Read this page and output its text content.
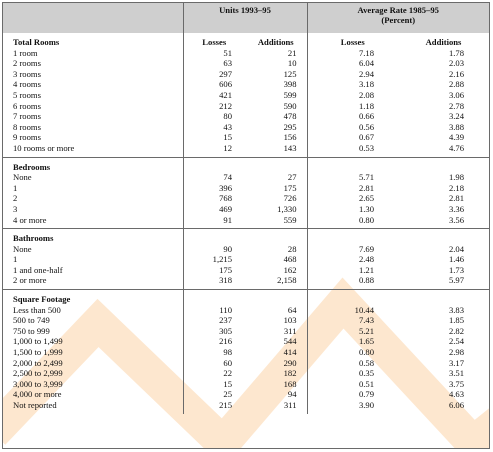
	Units 1993–95		Average Rate 1985–95
(Percent)	
Total Rooms	Losses	Additions	Losses	Additions
1 room	51	21	7.18	1.78
2 rooms	63	10	6.04	2.03
3 rooms	297	125	2.94	2.16
4 rooms	606	398	3.18	2.88
5 rooms	421	599	2.08	3.06
6 rooms	212	590	1.18	2.78
7 rooms	80	478	0.66	3.24
8 rooms	43	295	0.56	3.88
9 rooms	15	156	0.67	4.39
10 rooms or more	12	143	0.53	4.76
Bedrooms				
None	74	27	5.71	1.98
1	396	175	2.81	2.18
2	768	726	2.65	2.81
3	469	1,330	1.30	3.36
4 or more	91	559	0.80	3.56
Bathrooms				
None	90	28	7.69	2.04
1	1,215	468	2.48	1.46
1 and one-half	175	162	1.21	1.73
2 or more	318	2,158	0.88	5.97
Square Footage				
Less than 500	110	64	10.44	3.83
500 to 749	237	103	7.43	1.85
750 to 999	305	311	5.21	2.82
1,000 to 1,499	216	544	1.65	2.54
1,500 to 1,999	98	414	0.80	2.98
2,000 to 2,499	60	290	0.58	3.17
2,500 to 2,999	22	182	0.35	3.51
3,000 to 3,999	15	168	0.51	3.75
4,000 or more	25	94	0.79	4.63
Not reported	215	311	3.90	6.06
